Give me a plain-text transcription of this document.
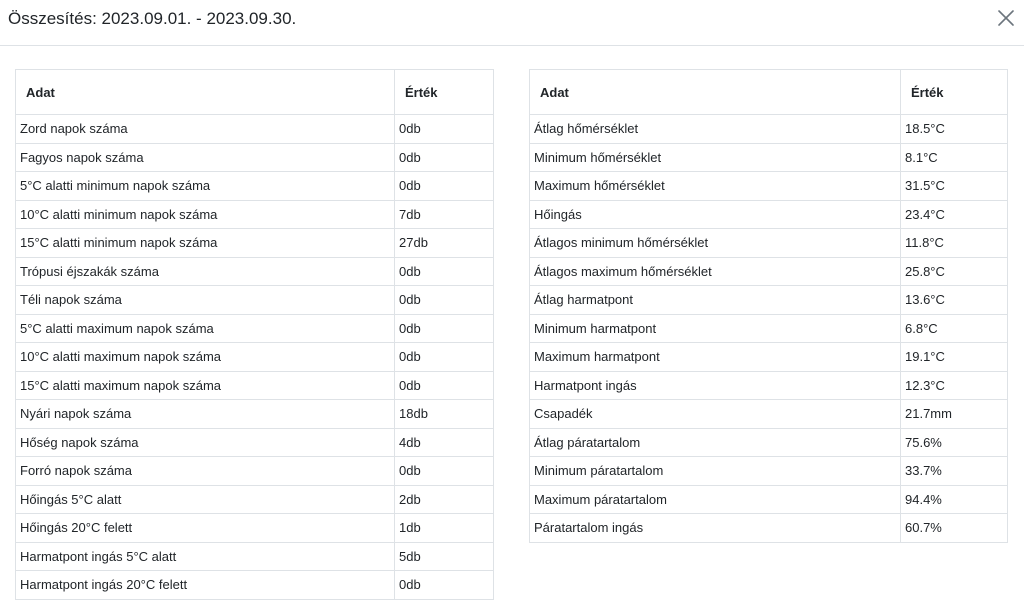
Összesítés: 2023.09.01. - 2023.09.30.
Adat	Érték
Zord napok száma	0db
Fagyos napok száma	0db
5°C alatti minimum napok száma	0db
10°C alatti minimum napok száma	7db
15°C alatti minimum napok száma	27db
Trópusi éjszakák száma	0db
Téli napok száma	0db
5°C alatti maximum napok száma	0db
10°C alatti maximum napok száma	0db
15°C alatti maximum napok száma	0db
Nyári napok száma	18db
Hőség napok száma	4db
Forró napok száma	0db
Hőingás 5°C alatt	2db
Hőingás 20°C felett	1db
Harmatpont ingás 5°C alatt	5db
Harmatpont ingás 20°C felett	0db
Adat	Érték
Átlag hőmérséklet	18.5°C
Minimum hőmérséklet	8.1°C
Maximum hőmérséklet	31.5°C
Hőingás	23.4°C
Átlagos minimum hőmérséklet	11.8°C
Átlagos maximum hőmérséklet	25.8°C
Átlag harmatpont	13.6°C
Minimum harmatpont	6.8°C
Maximum harmatpont	19.1°C
Harmatpont ingás	12.3°C
Csapadék	21.7mm
Átlag páratartalom	75.6%
Minimum páratartalom	33.7%
Maximum páratartalom	94.4%
Páratartalom ingás	60.7%
